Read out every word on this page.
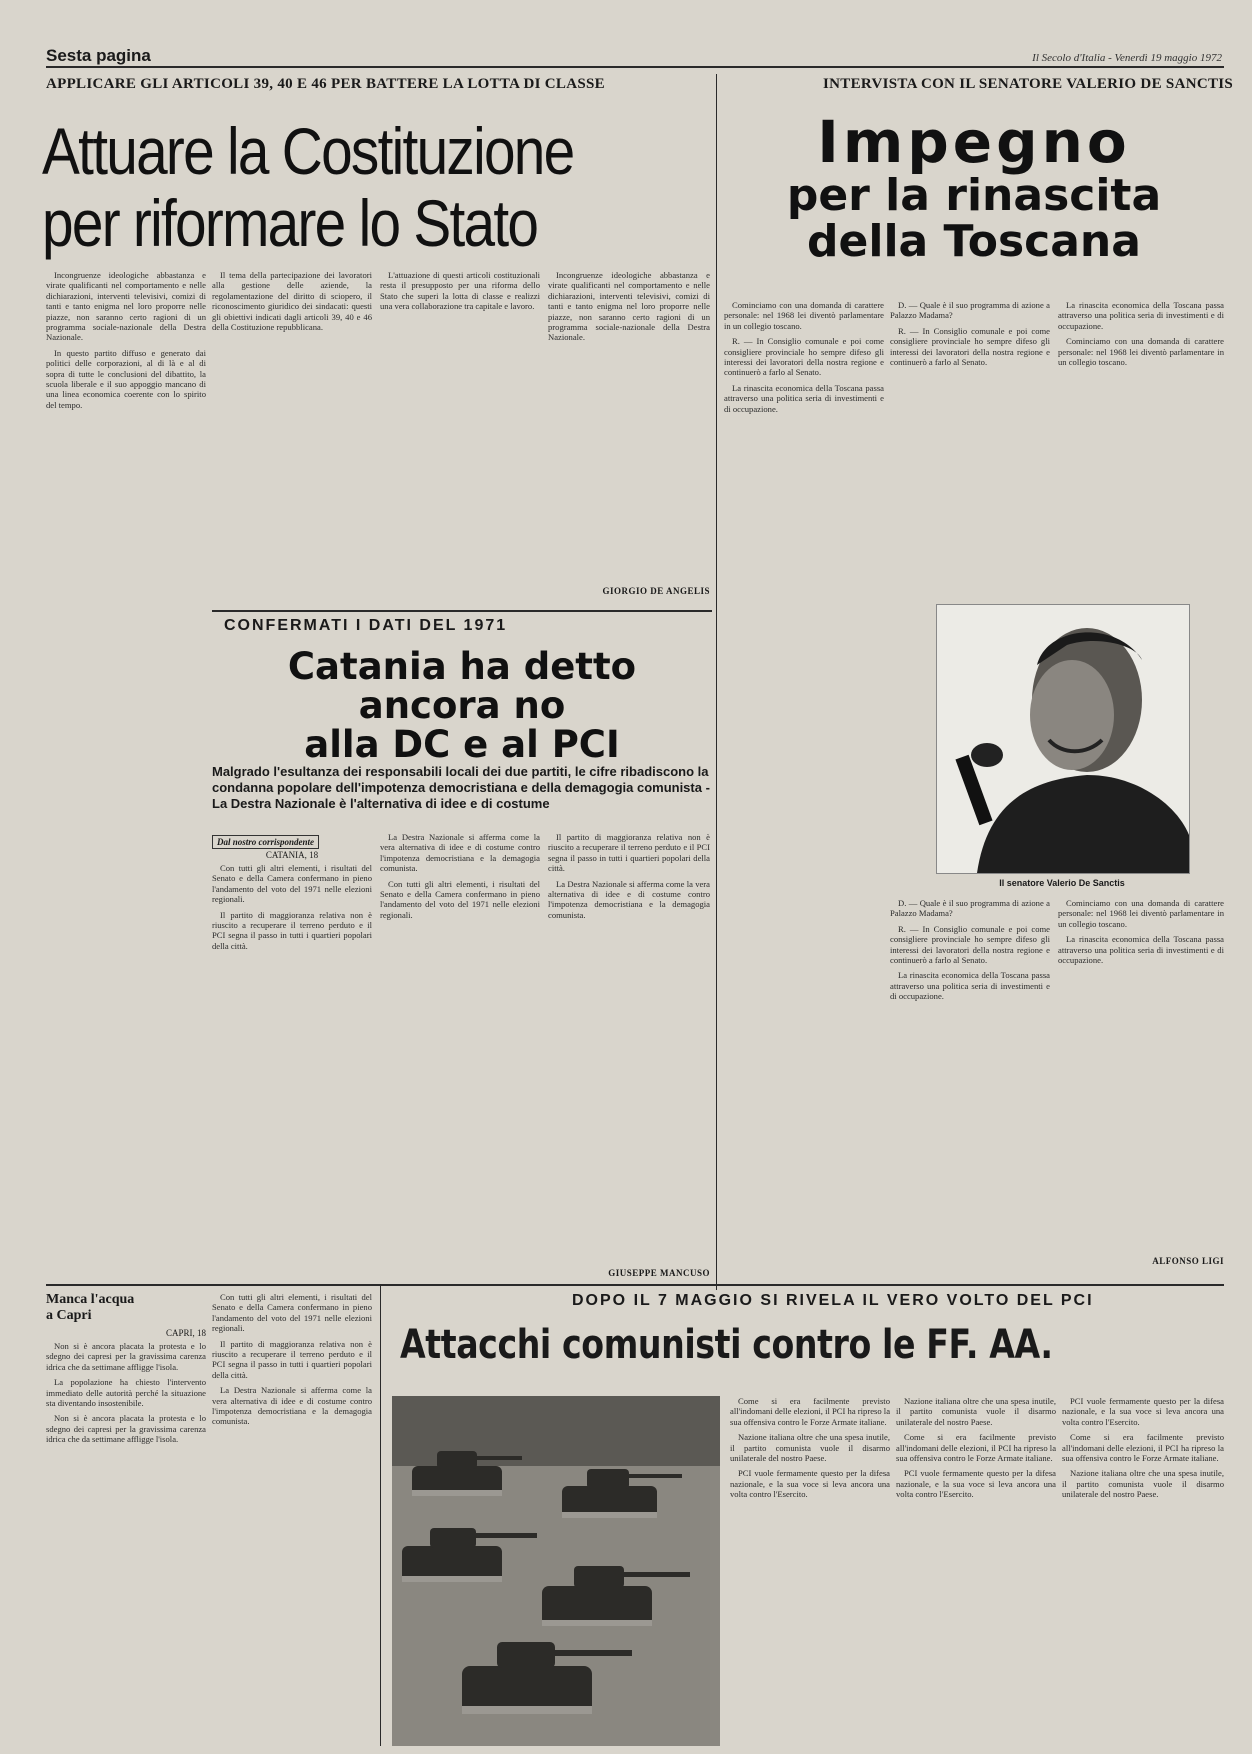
Sesta pagina	Il Secolo d'Italia - Venerdì 19 maggio 1972
APPLICARE GLI ARTICOLI 39, 40 E 46 PER BATTERE LA LOTTA DI CLASSE	INTERVISTA CON IL SENATORE VALERIO DE SANCTIS
Attuare la Costituzione
per riformare lo Stato

Incongruenze ideologiche abbastanza e virate qualificanti nel comportamento e nelle dichiarazioni, interventi televisivi, comizi di tanti e tanto enigma nel loro proporre nelle piazze, non saranno certo ragioni di un programma sociale-nazionale della Destra Nazionale.

In questo partito diffuso e generato dai politici delle corporazioni, al di là e al di sopra di tutte le conclusioni del dibattito, la scuola liberale e il suo appoggio mancano di una linea economica coerente con lo spirito del tempo.

Il tema della partecipazione dei lavoratori alla gestione delle aziende, la regolamentazione del diritto di sciopero, il riconoscimento giuridico dei sindacati: questi gli obiettivi indicati dagli articoli 39, 40 e 46 della Costituzione repubblicana.

L'attuazione di questi articoli costituzionali resta il presupposto per una riforma dello Stato che superi la lotta di classe e realizzi una vera collaborazione tra capitale e lavoro.

Incongruenze ideologiche abbastanza e virate qualificanti nel comportamento e nelle dichiarazioni, interventi televisivi, comizi di tanti e tanto enigma nel loro proporre nelle piazze, non saranno certo ragioni di un programma sociale-nazionale della Destra Nazionale.

GIORGIO DE ANGELIS
CONFERMATI I DATI DEL 1971
Catania ha detto
ancora no
alla DC e al PCI
Malgrado l'esultanza dei responsabili locali dei due partiti, le cifre ribadiscono la condanna popolare dell'impotenza democristiana e della demagogia comunista - La Destra Nazionale è l'alternativa di idee e di costume
Dal nostro corrispondente
CATANIA, 18

Con tutti gli altri elementi, i risultati del Senato e della Camera confermano in pieno l'andamento del voto del 1971 nelle elezioni regionali.

Il partito di maggioranza relativa non è riuscito a recuperare il terreno perduto e il PCI segna il passo in tutti i quartieri popolari della città.

La Destra Nazionale si afferma come la vera alternativa di idee e di costume contro l'impotenza democristiana e la demagogia comunista.

Con tutti gli altri elementi, i risultati del Senato e della Camera confermano in pieno l'andamento del voto del 1971 nelle elezioni regionali.

Il partito di maggioranza relativa non è riuscito a recuperare il terreno perduto e il PCI segna il passo in tutti i quartieri popolari della città.

La Destra Nazionale si afferma come la vera alternativa di idee e di costume contro l'impotenza democristiana e la demagogia comunista.

GIUSEPPE MANCUSO
Impegno
per la rinascita
della Toscana

Cominciamo con una domanda di carattere personale: nel 1968 lei diventò parlamentare in un collegio toscano.

R. — In Consiglio comunale e poi come consigliere provinciale ho sempre difeso gli interessi dei lavoratori della nostra regione e continuerò a farlo al Senato.

La rinascita economica della Toscana passa attraverso una politica seria di investimenti e di occupazione.

D. — Quale è il suo programma di azione a Palazzo Madama?

R. — In Consiglio comunale e poi come consigliere provinciale ho sempre difeso gli interessi dei lavoratori della nostra regione e continuerò a farlo al Senato.

La rinascita economica della Toscana passa attraverso una politica seria di investimenti e di occupazione.

Cominciamo con una domanda di carattere personale: nel 1968 lei diventò parlamentare in un collegio toscano.

Il senatore Valerio De Sanctis

D. — Quale è il suo programma di azione a Palazzo Madama?

R. — In Consiglio comunale e poi come consigliere provinciale ho sempre difeso gli interessi dei lavoratori della nostra regione e continuerò a farlo al Senato.

La rinascita economica della Toscana passa attraverso una politica seria di investimenti e di occupazione.

Cominciamo con una domanda di carattere personale: nel 1968 lei diventò parlamentare in un collegio toscano.

La rinascita economica della Toscana passa attraverso una politica seria di investimenti e di occupazione.

ALFONSO LIGI
Manca l'acqua
a Capri
CAPRI, 18

Non si è ancora placata la protesta e lo sdegno dei capresi per la gravissima carenza idrica che da settimane affligge l'isola.

La popolazione ha chiesto l'intervento immediato delle autorità perché la situazione sta diventando insostenibile.

Non si è ancora placata la protesta e lo sdegno dei capresi per la gravissima carenza idrica che da settimane affligge l'isola.

Con tutti gli altri elementi, i risultati del Senato e della Camera confermano in pieno l'andamento del voto del 1971 nelle elezioni regionali.

Il partito di maggioranza relativa non è riuscito a recuperare il terreno perduto e il PCI segna il passo in tutti i quartieri popolari della città.

La Destra Nazionale si afferma come la vera alternativa di idee e di costume contro l'impotenza democristiana e la demagogia comunista.

DOPO IL 7 MAGGIO SI RIVELA IL VERO VOLTO DEL PCI
Attacchi comunisti contro le FF. AA.

Come si era facilmente previsto all'indomani delle elezioni, il PCI ha ripreso la sua offensiva contro le Forze Armate italiane.

Nazione italiana oltre che una spesa inutile, il partito comunista vuole il disarmo unilaterale del nostro Paese.

PCI vuole fermamente questo per la difesa nazionale, e la sua voce si leva ancora una volta contro l'Esercito.

Nazione italiana oltre che una spesa inutile, il partito comunista vuole il disarmo unilaterale del nostro Paese.

Come si era facilmente previsto all'indomani delle elezioni, il PCI ha ripreso la sua offensiva contro le Forze Armate italiane.

PCI vuole fermamente questo per la difesa nazionale, e la sua voce si leva ancora una volta contro l'Esercito.

PCI vuole fermamente questo per la difesa nazionale, e la sua voce si leva ancora una volta contro l'Esercito.

Come si era facilmente previsto all'indomani delle elezioni, il PCI ha ripreso la sua offensiva contro le Forze Armate italiane.

Nazione italiana oltre che una spesa inutile, il partito comunista vuole il disarmo unilaterale del nostro Paese.
